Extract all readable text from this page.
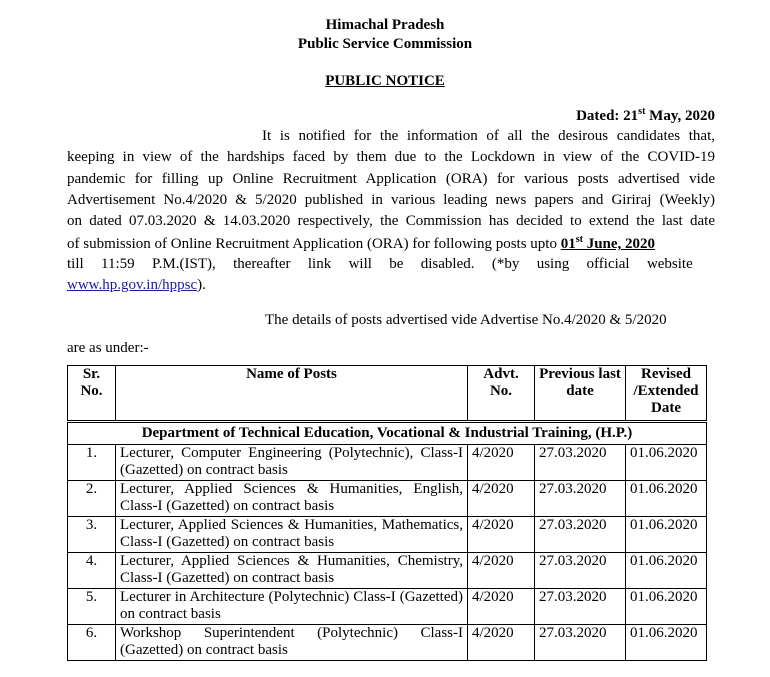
Himachal Pradesh
Public Service Commission
PUBLIC NOTICE
Dated: 21st May, 2020
It is notified for the information of all the desirous candidates that,
keeping in view of the hardships faced by them due to the Lockdown in view of the COVID-19
pandemic for filling up Online Recruitment Application (ORA) for various posts advertised vide
Advertisement No.4/2020 & 5/2020 published in various leading news papers and Giriraj (Weekly)
on dated 07.03.2020 & 14.03.2020 respectively, the Commission has decided to extend the last date
of submission of Online Recruitment Application (ORA) for following posts upto 01st June, 2020
till 11:59 P.M.(IST), thereafter link will be disabled. (*by using official website
www.hp.gov.in/hppsc).
The details of posts advertised vide Advertise No.4/2020 & 5/2020
are as under:-
Sr. No.	Name of Posts	Advt. No.	Previous last date	Revised /Extended Date
Department of Technical Education, Vocational & Industrial Training, (H.P.)				
1.	Lecturer, Computer Engineering (Polytechnic), Class-I (Gazetted) on contract basis	4/2020	27.03.2020	01.06.2020
2.	Lecturer, Applied Sciences & Humanities, English, Class-I (Gazetted) on contract basis	4/2020	27.03.2020	01.06.2020
3.	Lecturer, Applied Sciences & Humanities, Mathematics, Class-I (Gazetted) on contract basis	4/2020	27.03.2020	01.06.2020
4.	Lecturer, Applied Sciences & Humanities, Chemistry, Class-I (Gazetted) on contract basis	4/2020	27.03.2020	01.06.2020
5.	Lecturer in Architecture (Polytechnic) Class-I (Gazetted) on contract basis	4/2020	27.03.2020	01.06.2020
6.	Workshop Superintendent (Polytechnic) Class-I (Gazetted) on contract basis	4/2020	27.03.2020	01.06.2020
